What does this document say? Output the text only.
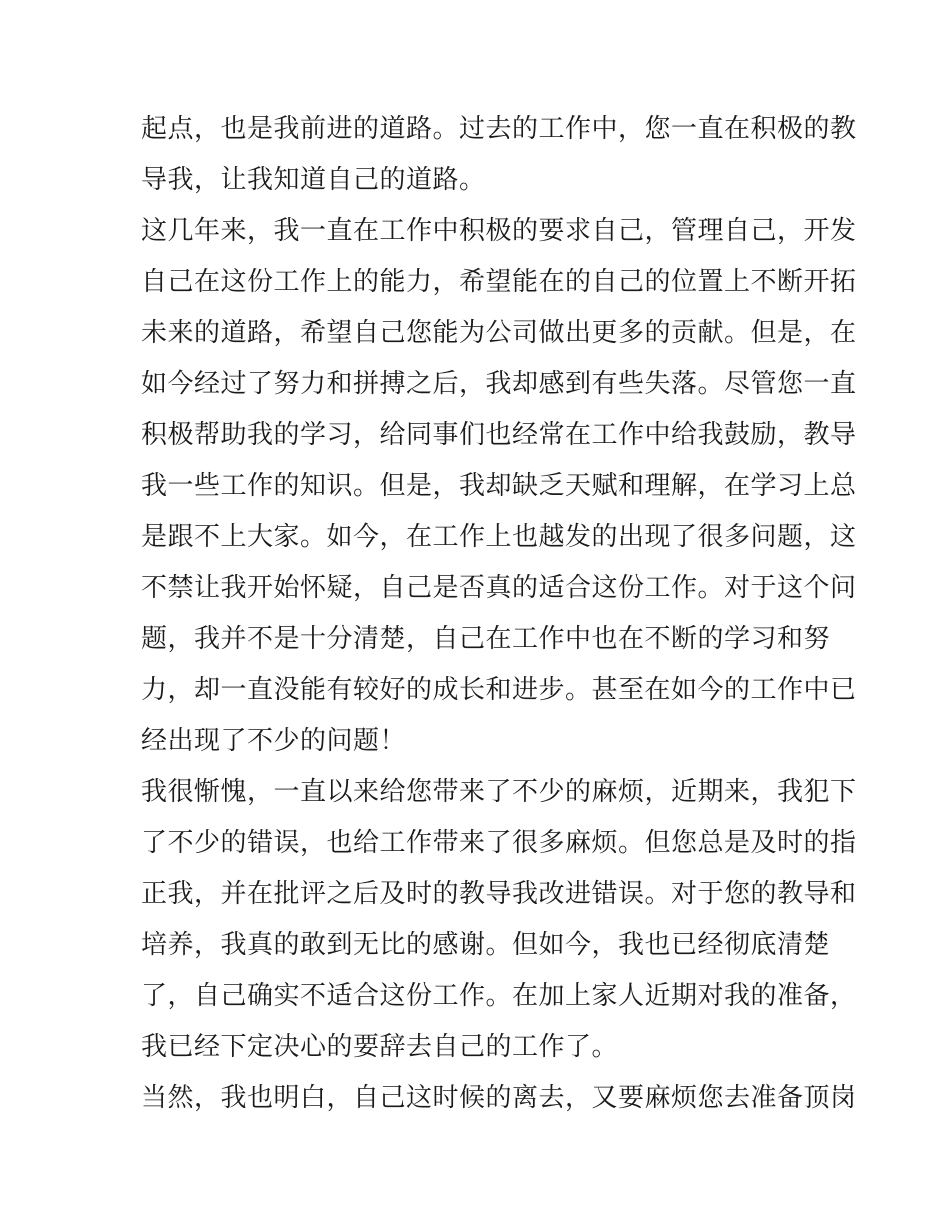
起点，也是我前进的道路。过去的工作中，您一直在积极的教
导我，让我知道自己的道路。
这几年来，我一直在工作中积极的要求自己，管理自己，开发
自己在这份工作上的能力，希望能在的自己的位置上不断开拓
未来的道路，希望自己您能为公司做出更多的贡献。但是，在
如今经过了努力和拼搏之后，我却感到有些失落。尽管您一直
积极帮助我的学习，给同事们也经常在工作中给我鼓励，教导
我一些工作的知识。但是，我却缺乏天赋和理解，在学习上总
是跟不上大家。如今，在工作上也越发的出现了很多问题，这
不禁让我开始怀疑，自己是否真的适合这份工作。对于这个问
题，我并不是十分清楚，自己在工作中也在不断的学习和努
力，却一直没能有较好的成长和进步。甚至在如今的工作中已
经出现了不少的问题！
我很惭愧，一直以来给您带来了不少的麻烦，近期来，我犯下
了不少的错误，也给工作带来了很多麻烦。但您总是及时的指
正我，并在批评之后及时的教导我改进错误。对于您的教导和
培养，我真的敢到无比的感谢。但如今，我也已经彻底清楚
了，自己确实不适合这份工作。在加上家人近期对我的准备，
我已经下定决心的要辞去自己的工作了。
当然，我也明白，自己这时候的离去，又要麻烦您去准备顶岗
